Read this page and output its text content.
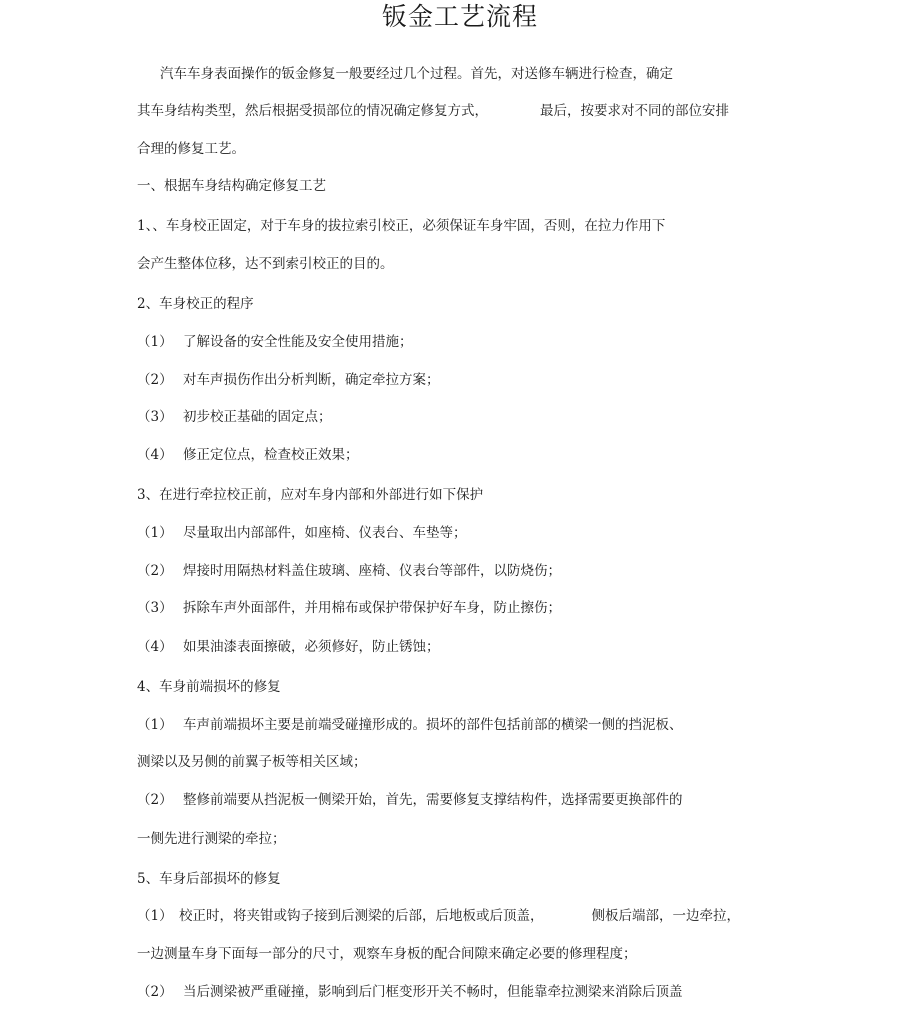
钣金工艺流程
汽车车身表面操作的钣金修复一般要经过几个过程。首先，对送修车辆进行检查，确定
其车身结构类型，然后根据受损部位的情况确定修复方式，	最后，按要求对不同的部位安排
合理的修复工艺。
一、根据车身结构确定修复工艺
1、、车身校正固定，对于车身的拔拉索引校正，必须保证车身牢固，否则，在拉力作用下
会产生整体位移，达不到索引校正的目的。
2、车身校正的程序
（1） 了解设备的安全性能及安全使用措施；
（2） 对车声损伤作出分析判断，确定牵拉方案；
（3） 初步校正基础的固定点；
（4） 修正定位点，检查校正效果；
3、在进行牵拉校正前，应对车身内部和外部进行如下保护
（1） 尽量取出内部部件，如座椅、仪表台、车垫等；
（2） 焊接时用隔热材料盖住玻璃、座椅、仪表台等部件，以防烧伤；
（3） 拆除车声外面部件，并用棉布或保护带保护好车身，防止擦伤；
（4） 如果油漆表面擦破，必须修好，防止锈蚀；
4、车身前端损坏的修复
（1） 车声前端损坏主要是前端受碰撞形成的。损坏的部件包括前部的横梁一侧的挡泥板、
测梁以及另侧的前翼子板等相关区域；
（2） 整修前端要从挡泥板一侧梁开始，首先，需要修复支撑结构件，选择需要更换部件的
一侧先进行测梁的牵拉；
5、车身后部损坏的修复
（1） 校正时，将夹钳或钩子接到后测梁的后部，后地板或后顶盖，	侧板后端部，一边牵拉，
一边测量车身下面每一部分的尺寸，观察车身板的配合间隙来确定必要的修理程度；
（2） 当后测梁被严重碰撞，影响到后门框变形开关不畅时，但能靠牵拉测梁来消除后顶盖
